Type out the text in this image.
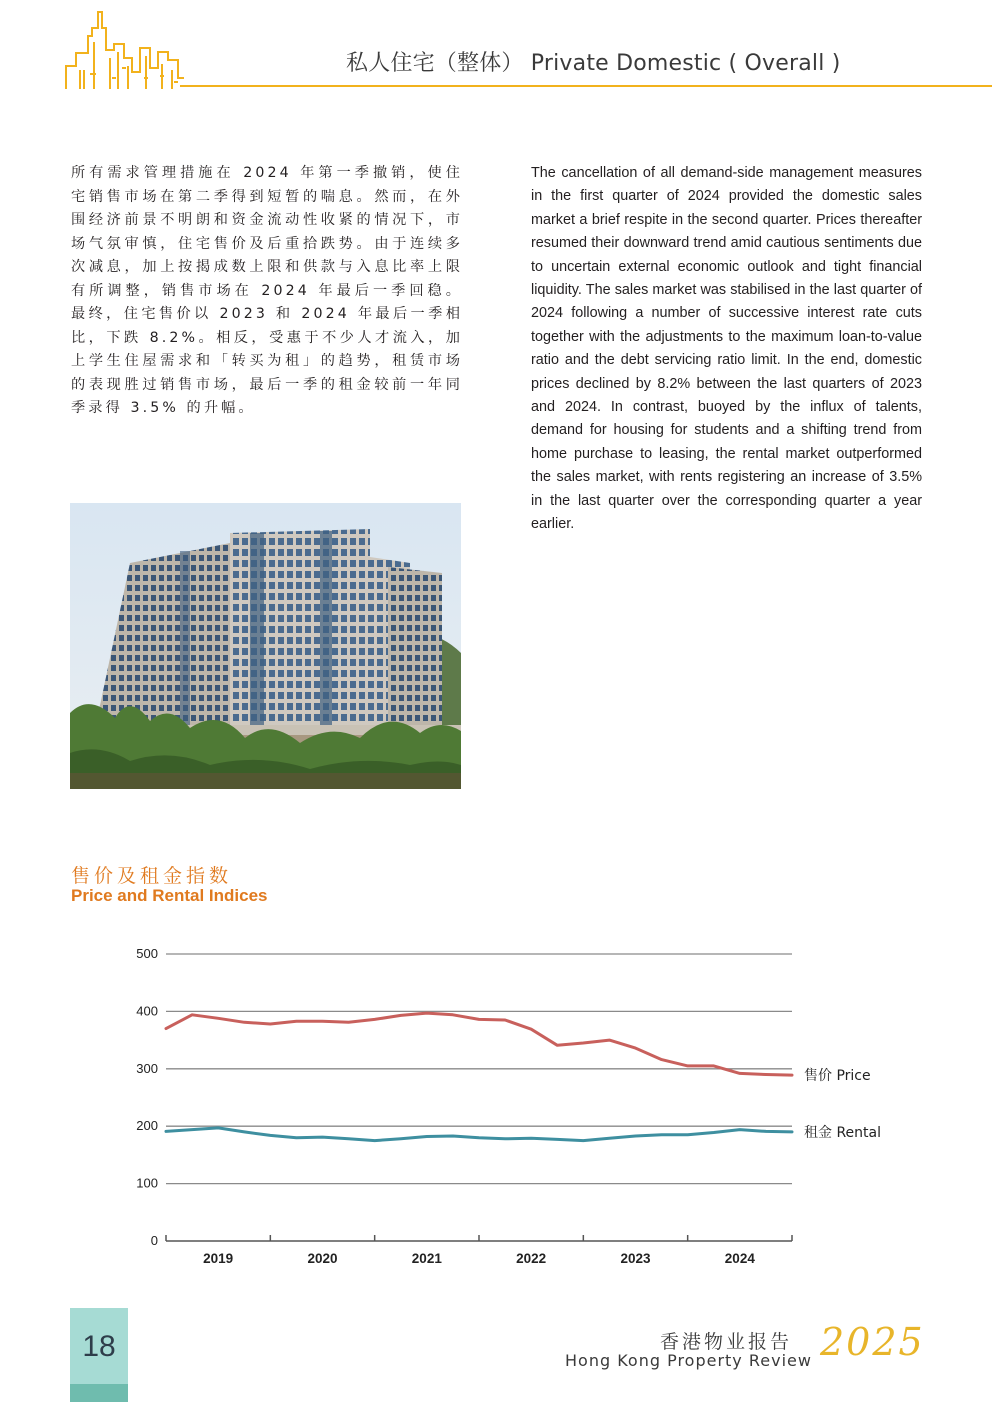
私人住宅（整体） Private Domestic ( Overall )
所有需求管理措施在 2024 年第一季撤销，使住宅销售市场在第二季得到短暂的喘息。然而，在外围经济前景不明朗和资金流动性收紧的情况下，市场气氛审慎，住宅售价及后重拾跌势。由于连续多次减息，加上按揭成数上限和供款与入息比率上限有所调整，销售市场在 2024 年最后一季回稳。最终，住宅售价以 2023 和 2024 年最后一季相比，下跌 8.2%。相反，受惠于不少人才流入，加上学生住屋需求和「转买为租」的趋势，租赁市场的表现胜过销售市场，最后一季的租金较前一年同季录得 3.5% 的升幅。
The cancellation of all demand-side management measures in the first quarter of 2024 provided the domestic sales market a brief respite in the second quarter. Prices thereafter resumed their downward trend amid cautious sentiments due to uncertain external economic outlook and tight financial liquidity. The sales market was stabilised in the last quarter of 2024 following a number of successive interest rate cuts together with the adjustments to the maximum loan-to-value ratio and the debt servicing ratio limit. In the end, domestic prices declined by 8.2% between the last quarters of 2023 and 2024. In contrast, buoyed by the influx of talents, demand for housing for students and a shifting trend from home purchase to leasing, the rental market outperformed the sales market, with rents registering an increase of 3.5% in the last quarter over the corresponding quarter a year earlier.
售价及租金指数
Price and Rental Indices
0
100
200
300
400
500
2019	2020	2021	2022	2023	2024
售价 Price
租金 Rental
18	香港物业报告
Hong Kong Property Review 2025
